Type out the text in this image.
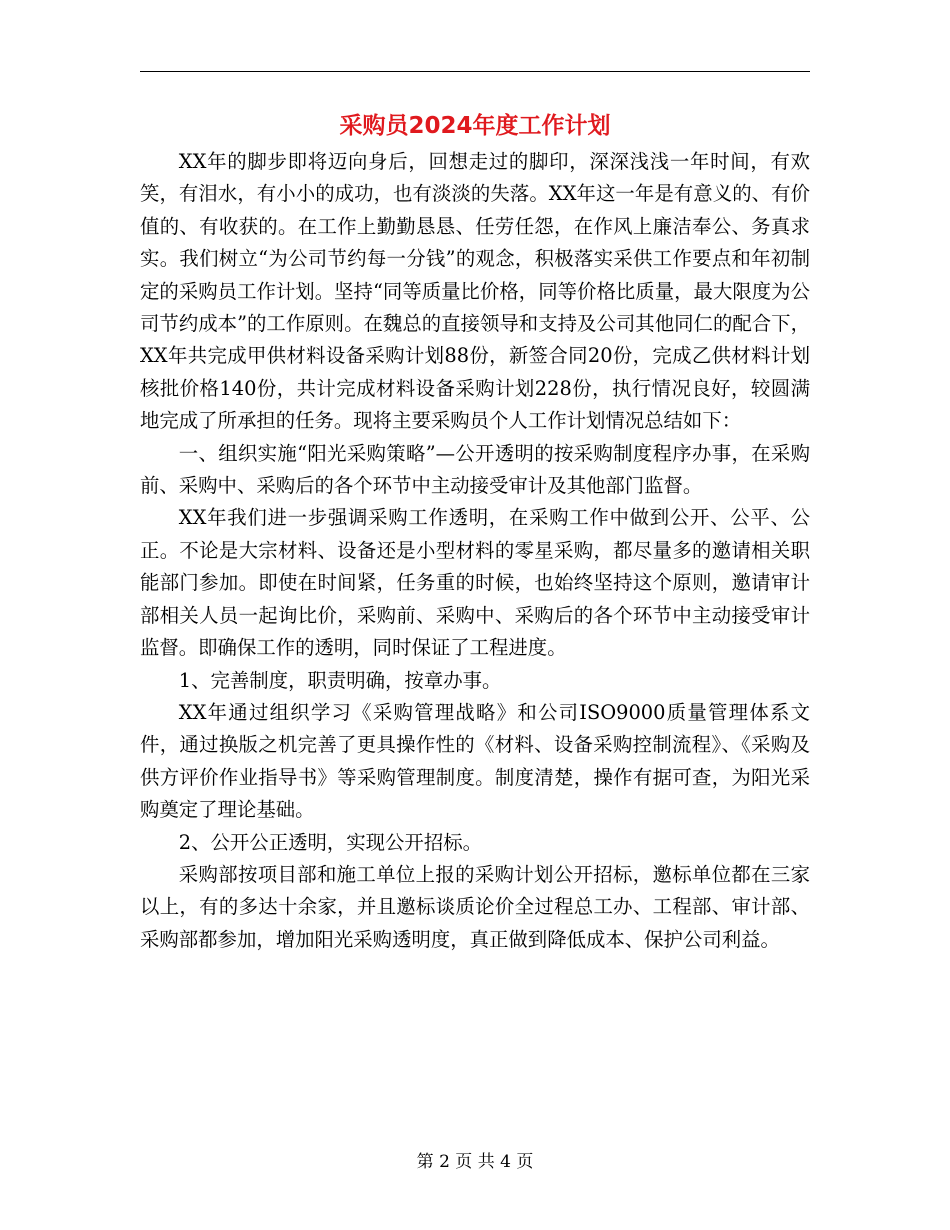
采购员2024年度工作计划

XX年的脚步即将迈向身后，回想走过的脚印，深深浅浅一年时间，有欢笑，有泪水，有小小的成功，也有淡淡的失落。XX年这一年是有意义的、有价值的、有收获的。在工作上勤勤恳恳、任劳任怨，在作风上廉洁奉公、务真求实。我们树立“为公司节约每一分钱”的观念，积极落实采供工作要点和年初制定的采购员工作计划。坚持“同等质量比价格，同等价格比质量，最大限度为公司节约成本”的工作原则。在魏总的直接领导和支持及公司其他同仁的配合下，XX年共完成甲供材料设备采购计划88份，新签合同20份，完成乙供材料计划核批价格140份，共计完成材料设备采购计划228份，执行情况良好，较圆满地完成了所承担的任务。现将主要采购员个人工作计划情况总结如下：

一、组织实施“阳光采购策略”—公开透明的按采购制度程序办事，在采购前、采购中、采购后的各个环节中主动接受审计及其他部门监督。

XX年我们进一步强调采购工作透明，在采购工作中做到公开、公平、公正。不论是大宗材料、设备还是小型材料的零星采购，都尽量多的邀请相关职能部门参加。即使在时间紧，任务重的时候，也始终坚持这个原则，邀请审计部相关人员一起询比价，采购前、采购中、采购后的各个环节中主动接受审计监督。即确保工作的透明，同时保证了工程进度。

1、完善制度，职责明确，按章办事。

XX年通过组织学习《采购管理战略》和公司ISO9000质量管理体系文件，通过换版之机完善了更具操作性的《材料、设备采购控制流程》、《采购及供方评价作业指导书》等采购管理制度。制度清楚，操作有据可查，为阳光采购奠定了理论基础。

2、公开公正透明，实现公开招标。

采购部按项目部和施工单位上报的采购计划公开招标，邀标单位都在三家以上，有的多达十余家，并且邀标谈质论价全过程总工办、工程部、审计部、采购部都参加，增加阳光采购透明度，真正做到降低成本、保护公司利益。

第 2 页 共 4 页
